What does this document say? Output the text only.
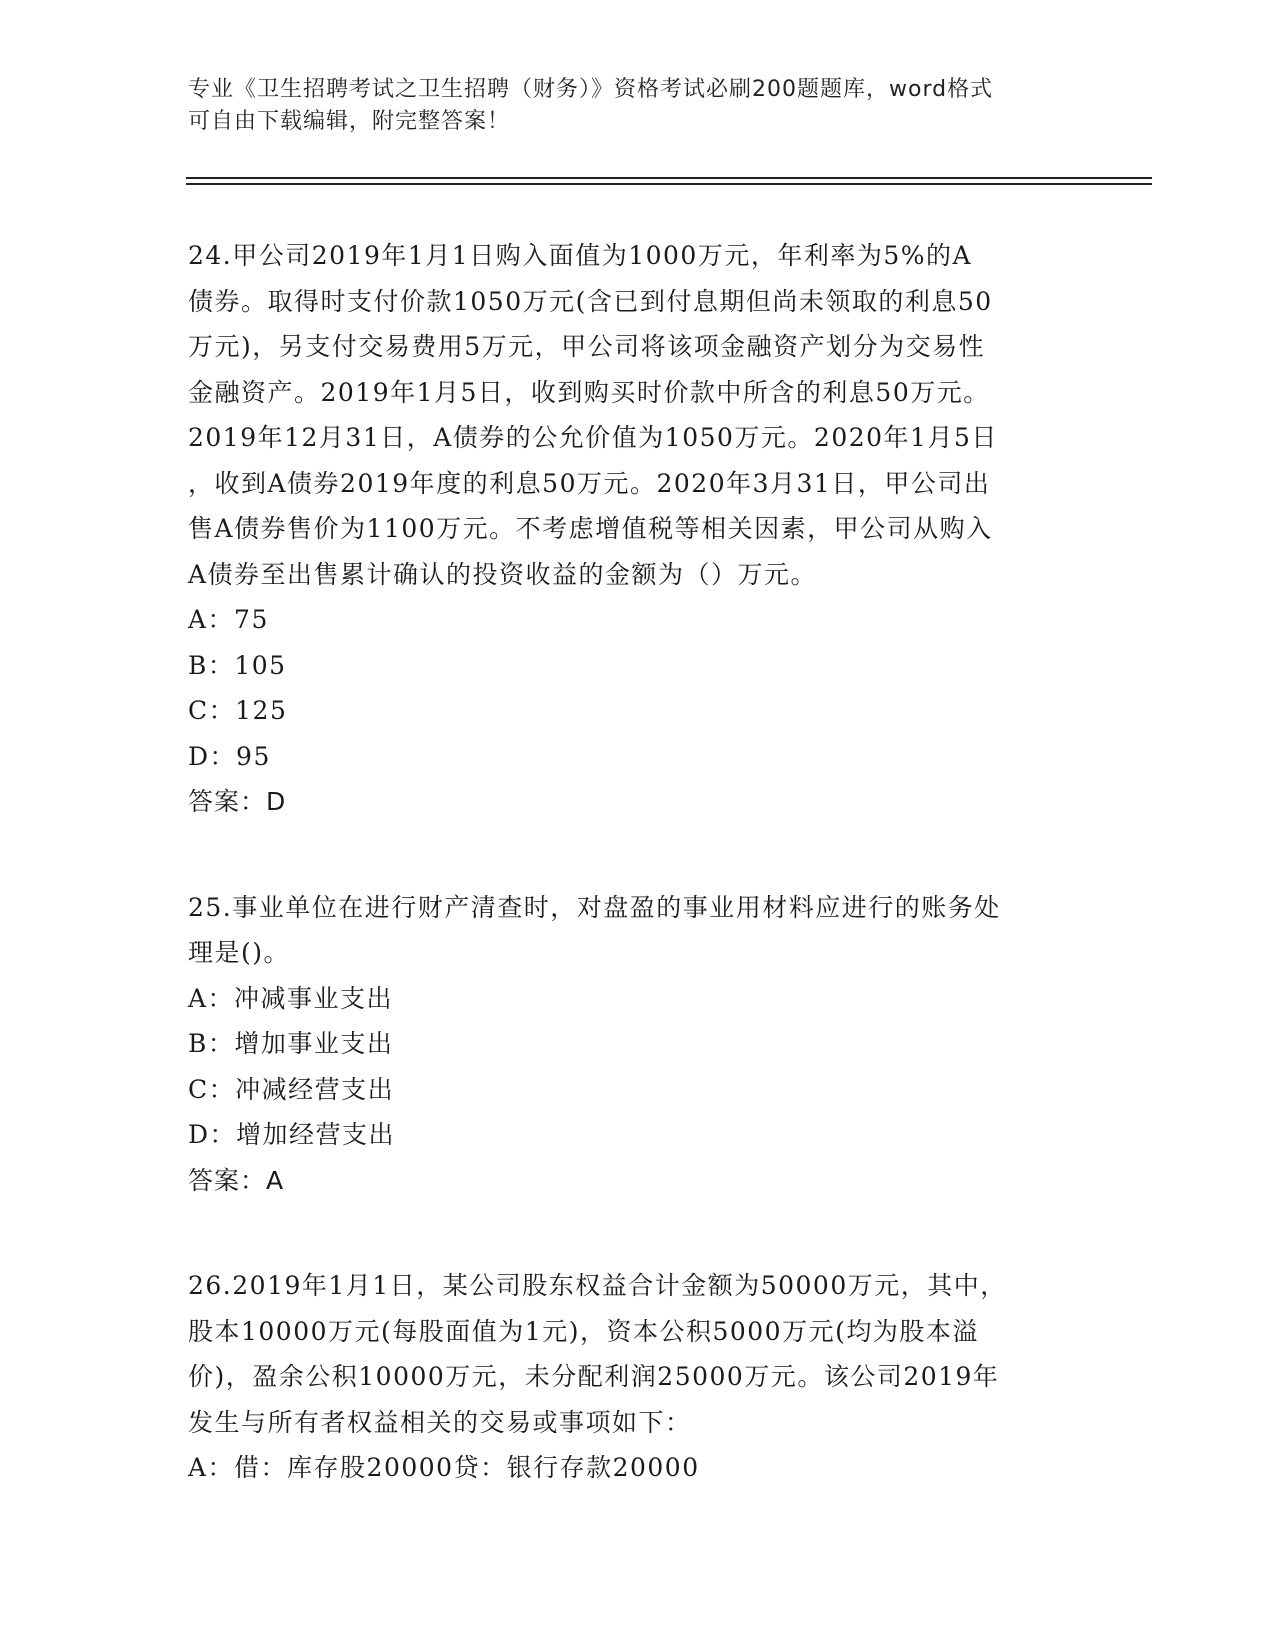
专业《卫生招聘考试之卫生招聘（财务）》资格考试必刷200题题库，word格式
可自由下载编辑，附完整答案！
24.甲公司2019年1月1日购入面值为1000万元，年利率为5%的A
债券。取得时支付价款1050万元(含已到付息期但尚未领取的利息50
万元)，另支付交易费用5万元，甲公司将该项金融资产划分为交易性
金融资产。2019年1月5日，收到购买时价款中所含的利息50万元。
2019年12月31日，A债券的公允价值为1050万元。2020年1月5日
，收到A债券2019年度的利息50万元。2020年3月31日，甲公司出
售A债券售价为1100万元。不考虑增值税等相关因素，甲公司从购入
A债券至出售累计确认的投资收益的金额为（）万元。
A：75
B：105
C：125
D：95
答案：D
25.事业单位在进行财产清查时，对盘盈的事业用材料应进行的账务处
理是()。
A：冲减事业支出
B：增加事业支出
C：冲减经营支出
D：增加经营支出
答案：A
26.2019年1月1日，某公司股东权益合计金额为50000万元，其中，
股本10000万元(每股面值为1元)，资本公积5000万元(均为股本溢
价)，盈余公积10000万元，未分配利润25000万元。该公司2019年
发生与所有者权益相关的交易或事项如下：
A：借：库存股20000贷：银行存款20000
